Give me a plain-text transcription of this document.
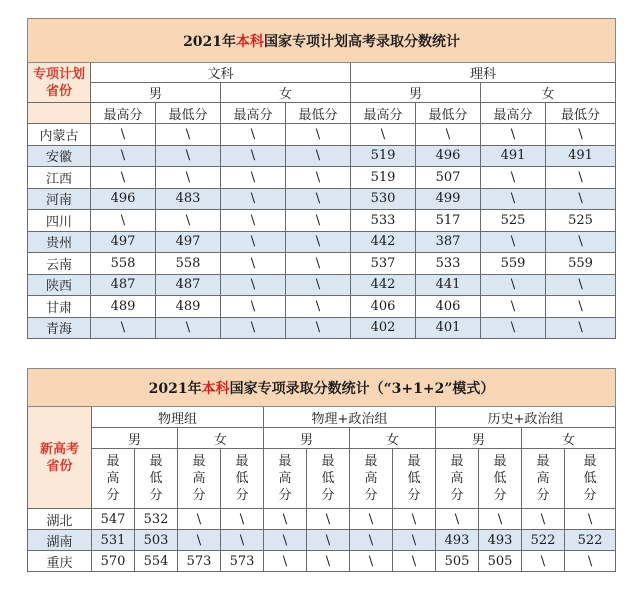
2021年本科国家专项计划高考录取分数统计								
专项计划
省份	文科				理科			
	男		女		男		女	
	最高分	最低分	最高分	最低分	最高分	最低分	最高分	最低分
内蒙古	\	\	\	\	\	\	\	\
安徽	\	\	\	\	519	496	491	491
江西	\	\	\	\	519	507	\	\
河南	496	483	\	\	530	499	\	\
四川	\	\	\	\	533	517	525	525
贵州	497	497	\	\	442	387	\	\
云南	558	558	\	\	537	533	559	559
陕西	487	487	\	\	442	441	\	\
甘肃	489	489	\	\	406	406	\	\
青海	\	\	\	\	402	401	\	\
2021年本科国家专项录取分数统计（“3+1+2”模式）												
新高考省份	物理组				物理+政治组				历史+政治组			
	男		女		男		女		男		女	

	最
高
分	最
低
分	最
高
分	最
低
分	最
高
分	最
低
分	最
高
分	最
低
分	最
高
分	最
低
分	最
高
分	最
低
分

湖北	547	532	\	\	\	\	\	\	\	\	\	\
湖南	531	503	\	\	\	\	\	\	493	493	522	522
重庆	570	554	573	573	\	\	\	\	505	505	\	\
